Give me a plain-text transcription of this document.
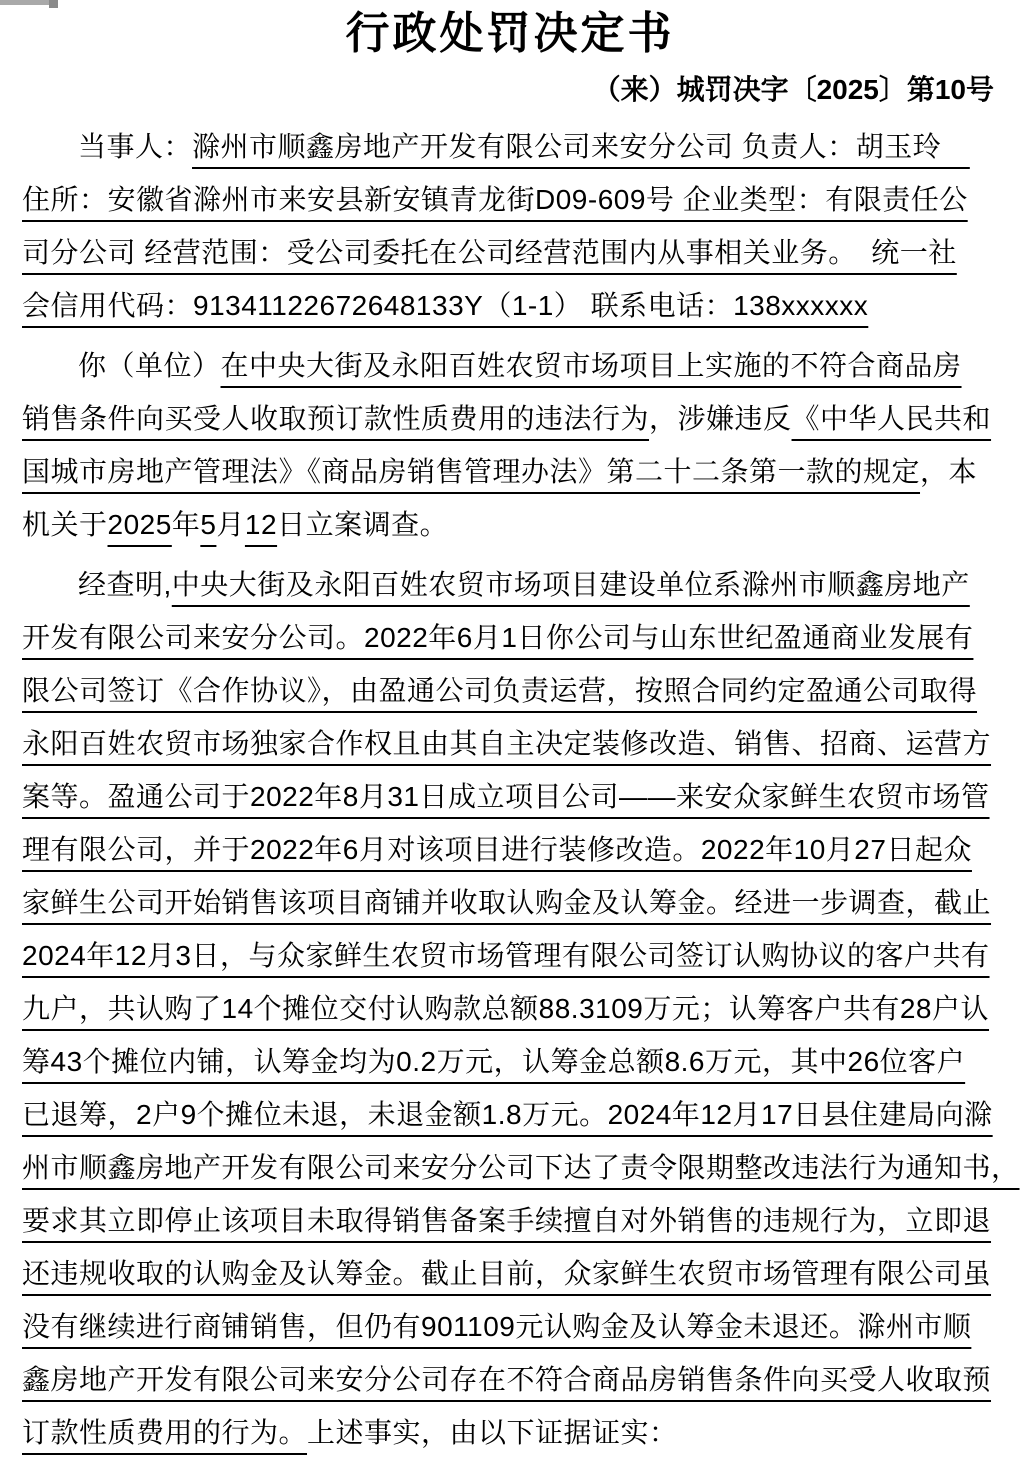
行政处罚决定书
（来）城罚决字〔2025〕第10号
当事人：滁州市顺鑫房地产开发有限公司来安分公司 负责人：胡玉玲　
住所：安徽省滁州市来安县新安镇青龙街D09-609号 企业类型：有限责任公
司分公司 经营范围：受公司委托在公司经营范围内从事相关业务。　统一社
会信用代码：91341122672648133Y（1-1） 联系电话：138xxxxxx
你（单位）在中央大街及永阳百姓农贸市场项目上实施的不符合商品房
销售条件向买受人收取预订款性质费用的违法行为，涉嫌违反《中华人民共和
国城市房地产管理法》《商品房销售管理办法》第二十二条第一款的规定，本
机关于2025年5月12日立案调查。
经查明,中央大街及永阳百姓农贸市场项目建设单位系滁州市顺鑫房地产
开发有限公司来安分公司。2022年6月1日你公司与山东世纪盈通商业发展有
限公司签订《合作协议》，由盈通公司负责运营，按照合同约定盈通公司取得
永阳百姓农贸市场独家合作权且由其自主决定装修改造、销售、招商、运营方
案等。盈通公司于2022年8月31日成立项目公司——来安众家鲜生农贸市场管
理有限公司，并于2022年6月对该项目进行装修改造。2022年10月27日起众
家鲜生公司开始销售该项目商铺并收取认购金及认筹金。经进一步调查，截止
2024年12月3日，与众家鲜生农贸市场管理有限公司签订认购协议的客户共有
九户，共认购了14个摊位交付认购款总额88.3109万元；认筹客户共有28户认
筹43个摊位内铺，认筹金均为0.2万元，认筹金总额8.6万元，其中26位客户
已退筹，2户9个摊位未退，未退金额1.8万元。2024年12月17日县住建局向滁
州市顺鑫房地产开发有限公司来安分公司下达了责令限期整改违法行为通知书，
要求其立即停止该项目未取得销售备案手续擅自对外销售的违规行为，立即退
还违规收取的认购金及认筹金。截止目前，众家鲜生农贸市场管理有限公司虽
没有继续进行商铺销售，但仍有901109元认购金及认筹金未退还。滁州市顺
鑫房地产开发有限公司来安分公司存在不符合商品房销售条件向买受人收取预
订款性质费用的行为。上述事实，由以下证据证实：
